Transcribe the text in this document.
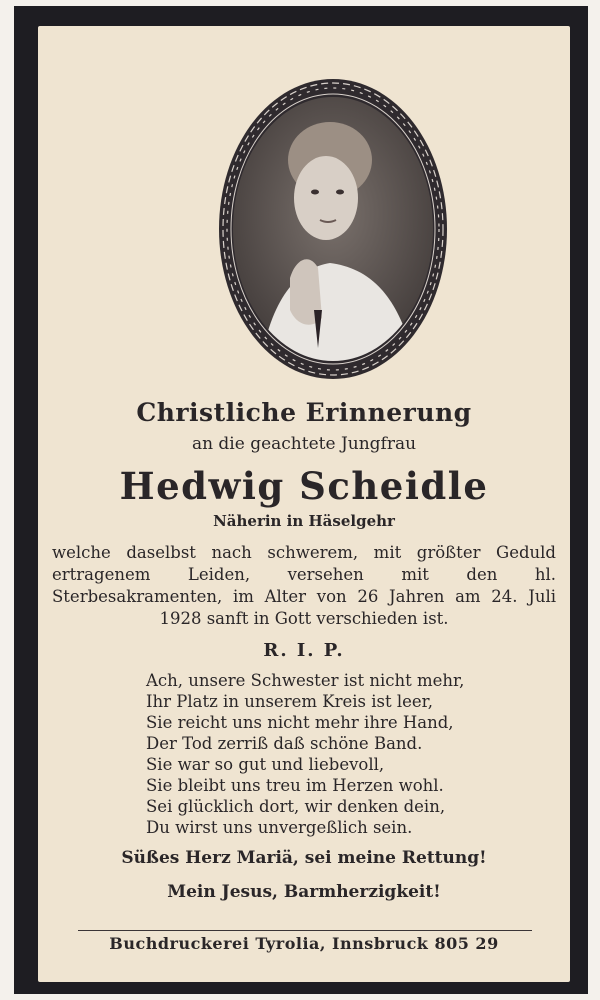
Christliche Erinnerung
an die geachtete Jungfrau
Hedwig Scheidle
Näherin in Häselgehr
welche daselbst nach schwerem, mit größter Geduld ertragenem Leiden, versehen mit den hl. Sterbesakramenten, im Alter von 26 Jahren am 24. Juli 1928 sanft in Gott verschieden ist.
R. I. P.
Ach, unsere Schwester ist nicht mehr,
Ihr Platz in unserem Kreis ist leer,
Sie reicht uns nicht mehr ihre Hand,
Der Tod zerriß daß schöne Band.
Sie war so gut und liebevoll,
Sie bleibt uns treu im Herzen wohl.
Sei glücklich dort, wir denken dein,
Du wirst uns unvergeßlich sein.
Süßes Herz Mariä, sei meine Rettung!
Mein Jesus, Barmherzigkeit!
Buchdruckerei Tyrolia, Innsbruck 805 29
